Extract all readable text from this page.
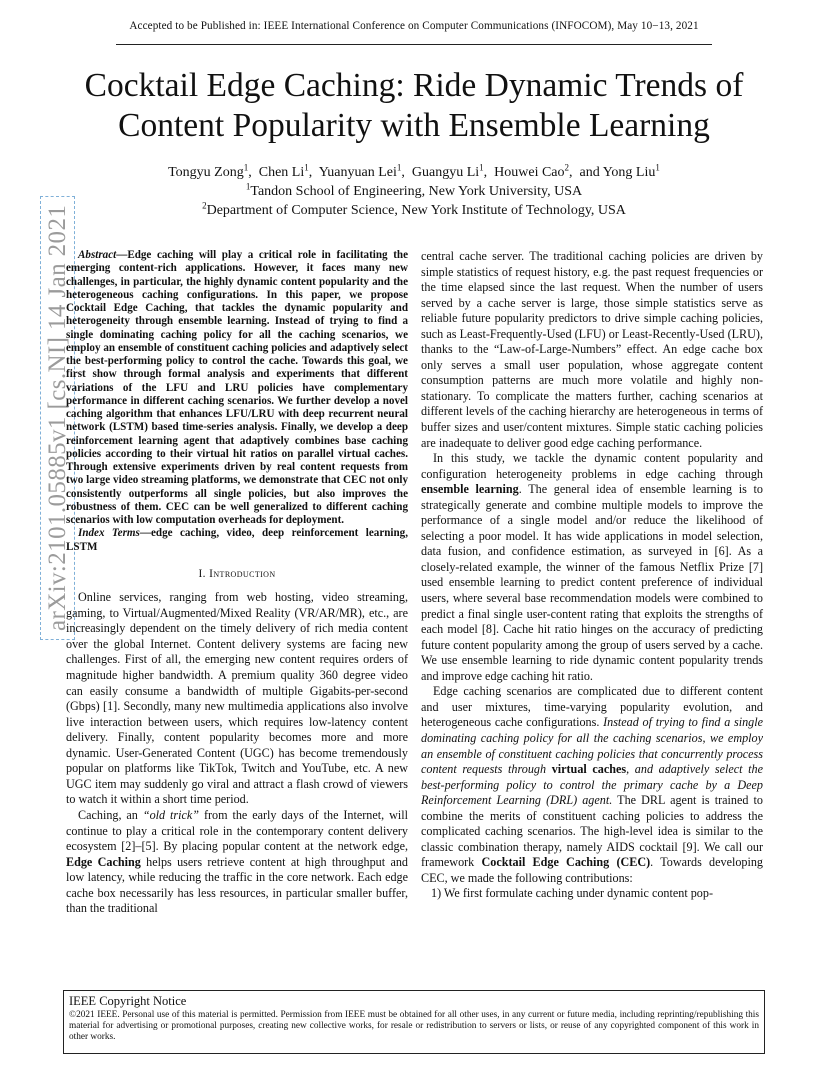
Accepted to be Published in: IEEE International Conference on Computer Communications (INFOCOM), May 10−13, 2021
Cocktail Edge Caching: Ride Dynamic Trends of
Content Popularity with Ensemble Learning
Tongyu Zong$^1$,  Chen Li$^1$,  Yuanyuan Lei$^1$,  Guangyu Li$^1$,  Houwei Cao$^2$,  and Yong Liu$^1$
$^1$Tandon School of Engineering, New York University, USA
$^2$Department of Computer Science, New York Institute of Technology, USA
arXiv:2101.05885v1 [cs.NI] 14 Jan 2021 Abstract—Edge caching will play a critical role in facilitating the emerging content-rich applications. However, it faces many new challenges, in particular, the highly dynamic content popularity and the heterogeneous caching configurations. In this paper, we propose Cocktail Edge Caching, that tackles the dynamic popularity and heterogeneity through ensemble learning. Instead of trying to find a single dominating caching policy for all the caching scenarios, we employ an ensemble of constituent caching policies and adaptively select the best-performing policy to control the cache. Towards this goal, we first show through formal analysis and experiments that different variations of the LFU and LRU policies have complementary performance in different caching scenarios. We further develop a novel caching algorithm that enhances LFU/LRU with deep recurrent neural network (LSTM) based time-series analysis. Finally, we develop a deep reinforcement learning agent that adaptively combines base caching policies according to their virtual hit ratios on parallel virtual caches. Through extensive experiments driven by real content requests from two large video streaming platforms, we demonstrate that CEC not only consistently outperforms all single policies, but also improves the robustness of them. CEC can be well generalized to different caching scenarios with low computation overheads for deployment.

Index Terms—edge caching, video, deep reinforcement learning, LSTM

I. Introduction

Online services, ranging from web hosting, video streaming, gaming, to Virtual/Augmented/Mixed Reality (VR/AR/MR), etc., are increasingly dependent on the timely delivery of rich media content over the global Internet. Content delivery systems are facing new challenges. First of all, the emerging new content requires orders of magnitude higher bandwidth. A premium quality 360 degree video can easily consume a bandwidth of multiple Gigabits-per-second (Gbps) [1]. Secondly, many new multimedia applications also involve live interaction between users, which requires low-latency content delivery. Finally, content popularity becomes more and more dynamic. User-Generated Content (UGC) has become tremendously popular on platforms like TikTok, Twitch and YouTube, etc. A new UGC item may suddenly go viral and attract a flash crowd of viewers to watch it within a short time period.

Caching, an “old trick” from the early days of the Internet, will continue to play a critical role in the contemporary content delivery ecosystem [2]–[5]. By placing popular content at the network edge, Edge Caching helps users retrieve content at high throughput and low latency, while reducing the traffic in the core network. Each edge cache box necessarily has less resources, in particular smaller buffer, than the traditional

central cache server. The traditional caching policies are driven by simple statistics of request history, e.g. the past request frequencies or the time elapsed since the last request. When the number of users served by a cache server is large, those simple statistics serve as reliable future popularity predictors to drive simple caching policies, such as Least-Frequently-Used (LFU) or Least-Recently-Used (LRU), thanks to the “Law-of-Large-Numbers” effect. An edge cache box only serves a small user population, whose aggregate content consumption patterns are much more volatile and highly non-stationary. To complicate the matters further, caching scenarios at different levels of the caching hierarchy are heterogeneous in terms of buffer sizes and user/content mixtures. Simple static caching policies are inadequate to deliver good edge caching performance.

In this study, we tackle the dynamic content popularity and configuration heterogeneity problems in edge caching through ensemble learning. The general idea of ensemble learning is to strategically generate and combine multiple models to improve the performance of a single model and/or reduce the likelihood of selecting a poor model. It has wide applications in model selection, data fusion, and confidence estimation, as surveyed in [6]. As a closely-related example, the winner of the famous Netflix Prize [7] used ensemble learning to predict content preference of individual users, where several base recommendation models were combined to predict a final single user-content rating that exploits the strengths of each model [8]. Cache hit ratio hinges on the accuracy of predicting future content popularity among the group of users served by a cache. We use ensemble learning to ride dynamic content popularity trends and improve edge caching hit ratio.

Edge caching scenarios are complicated due to different content and user mixtures, time-varying popularity evolution, and heterogeneous cache configurations. Instead of trying to find a single dominating caching policy for all the caching scenarios, we employ an ensemble of constituent caching policies that concurrently process content requests through virtual caches, and adaptively select the best-performing policy to control the primary cache by a Deep Reinforcement Learning (DRL) agent. The DRL agent is trained to combine the merits of constituent caching policies to address the complicated caching scenarios. The high-level idea is similar to the classic combination therapy, namely AIDS cocktail [9]. We call our framework Cocktail Edge Caching (CEC). Towards developing CEC, we made the following contributions:

1) We first formulate caching under dynamic content pop-

IEEE Copyright Notice
©2021 IEEE. Personal use of this material is permitted. Permission from IEEE must be obtained for all other uses, in any current or future media, including reprinting/republishing this material for advertising or promotional purposes, creating new collective works, for resale or redistribution to servers or lists, or reuse of any copyrighted component of this work in other works.
